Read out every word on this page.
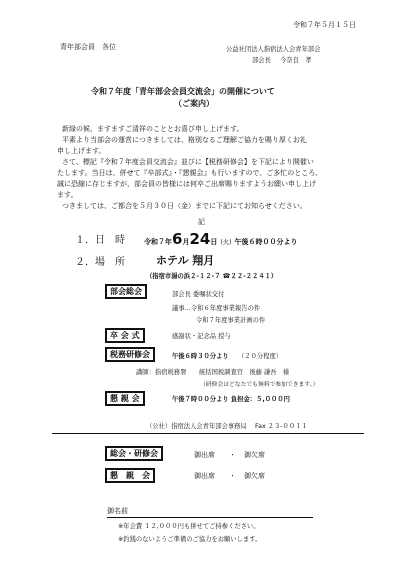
令和７年５月１５日
青年部会員　各位	公益社団法人指宿法人会青年部会
部会長 今奈良　孝
令和７年度「青年部会会員交流会」の開催について
（ご案内）
新緑の候、ますますご清祥のこととお喜び申し上げます。
平素より当部会の運営につきましては、格別なるご理解ご協力を賜り厚くお礼
申し上げます。
さて、標記『令和７年度会員交流会』並びに【税務研修会】を下記により開催い
たします。当日は、併せて『卒部式』・『懇親会』も行いますので、ご多忙のところ、
誠に恐縮に存じますが、部会員の皆様には何卒ご出席賜りますようお願い申し上げ
ます。
つきましては、ご都合を５月３０日（金）までに下記にてお知らせください。
記
１．日　時	令和７年6月24日 (火) 午後６時００分より
２．場　所	ホテル 翔月
（指宿市湯の浜２-１２-７ ☎２２-２２４１）
部会総会	部会長 委嘱状交付
議事…令和６年度事業報告の件
令和７年度事業計画の件
卒 会 式	感謝状・記念品 授与
税務研修会	午後６時３０分より （２０分程度）
講師：指宿税務署　　統括国税調査官　後藤 謙吾　様
（研修会はどなたでも無料で参加できます。）
懇 親 会	午後７時００分より 負担金：５,０００円
（公社）指宿法人会青年部会事務局　 Fax ２３-００１１
総会・研修会	御出席 ・ 御欠席
懇　親　会	御出席 ・ 御欠席
御名前
※年会費 １２,０００円も併せてご持参ください。
※釣銭のないようご準備のご協力をお願いします。
